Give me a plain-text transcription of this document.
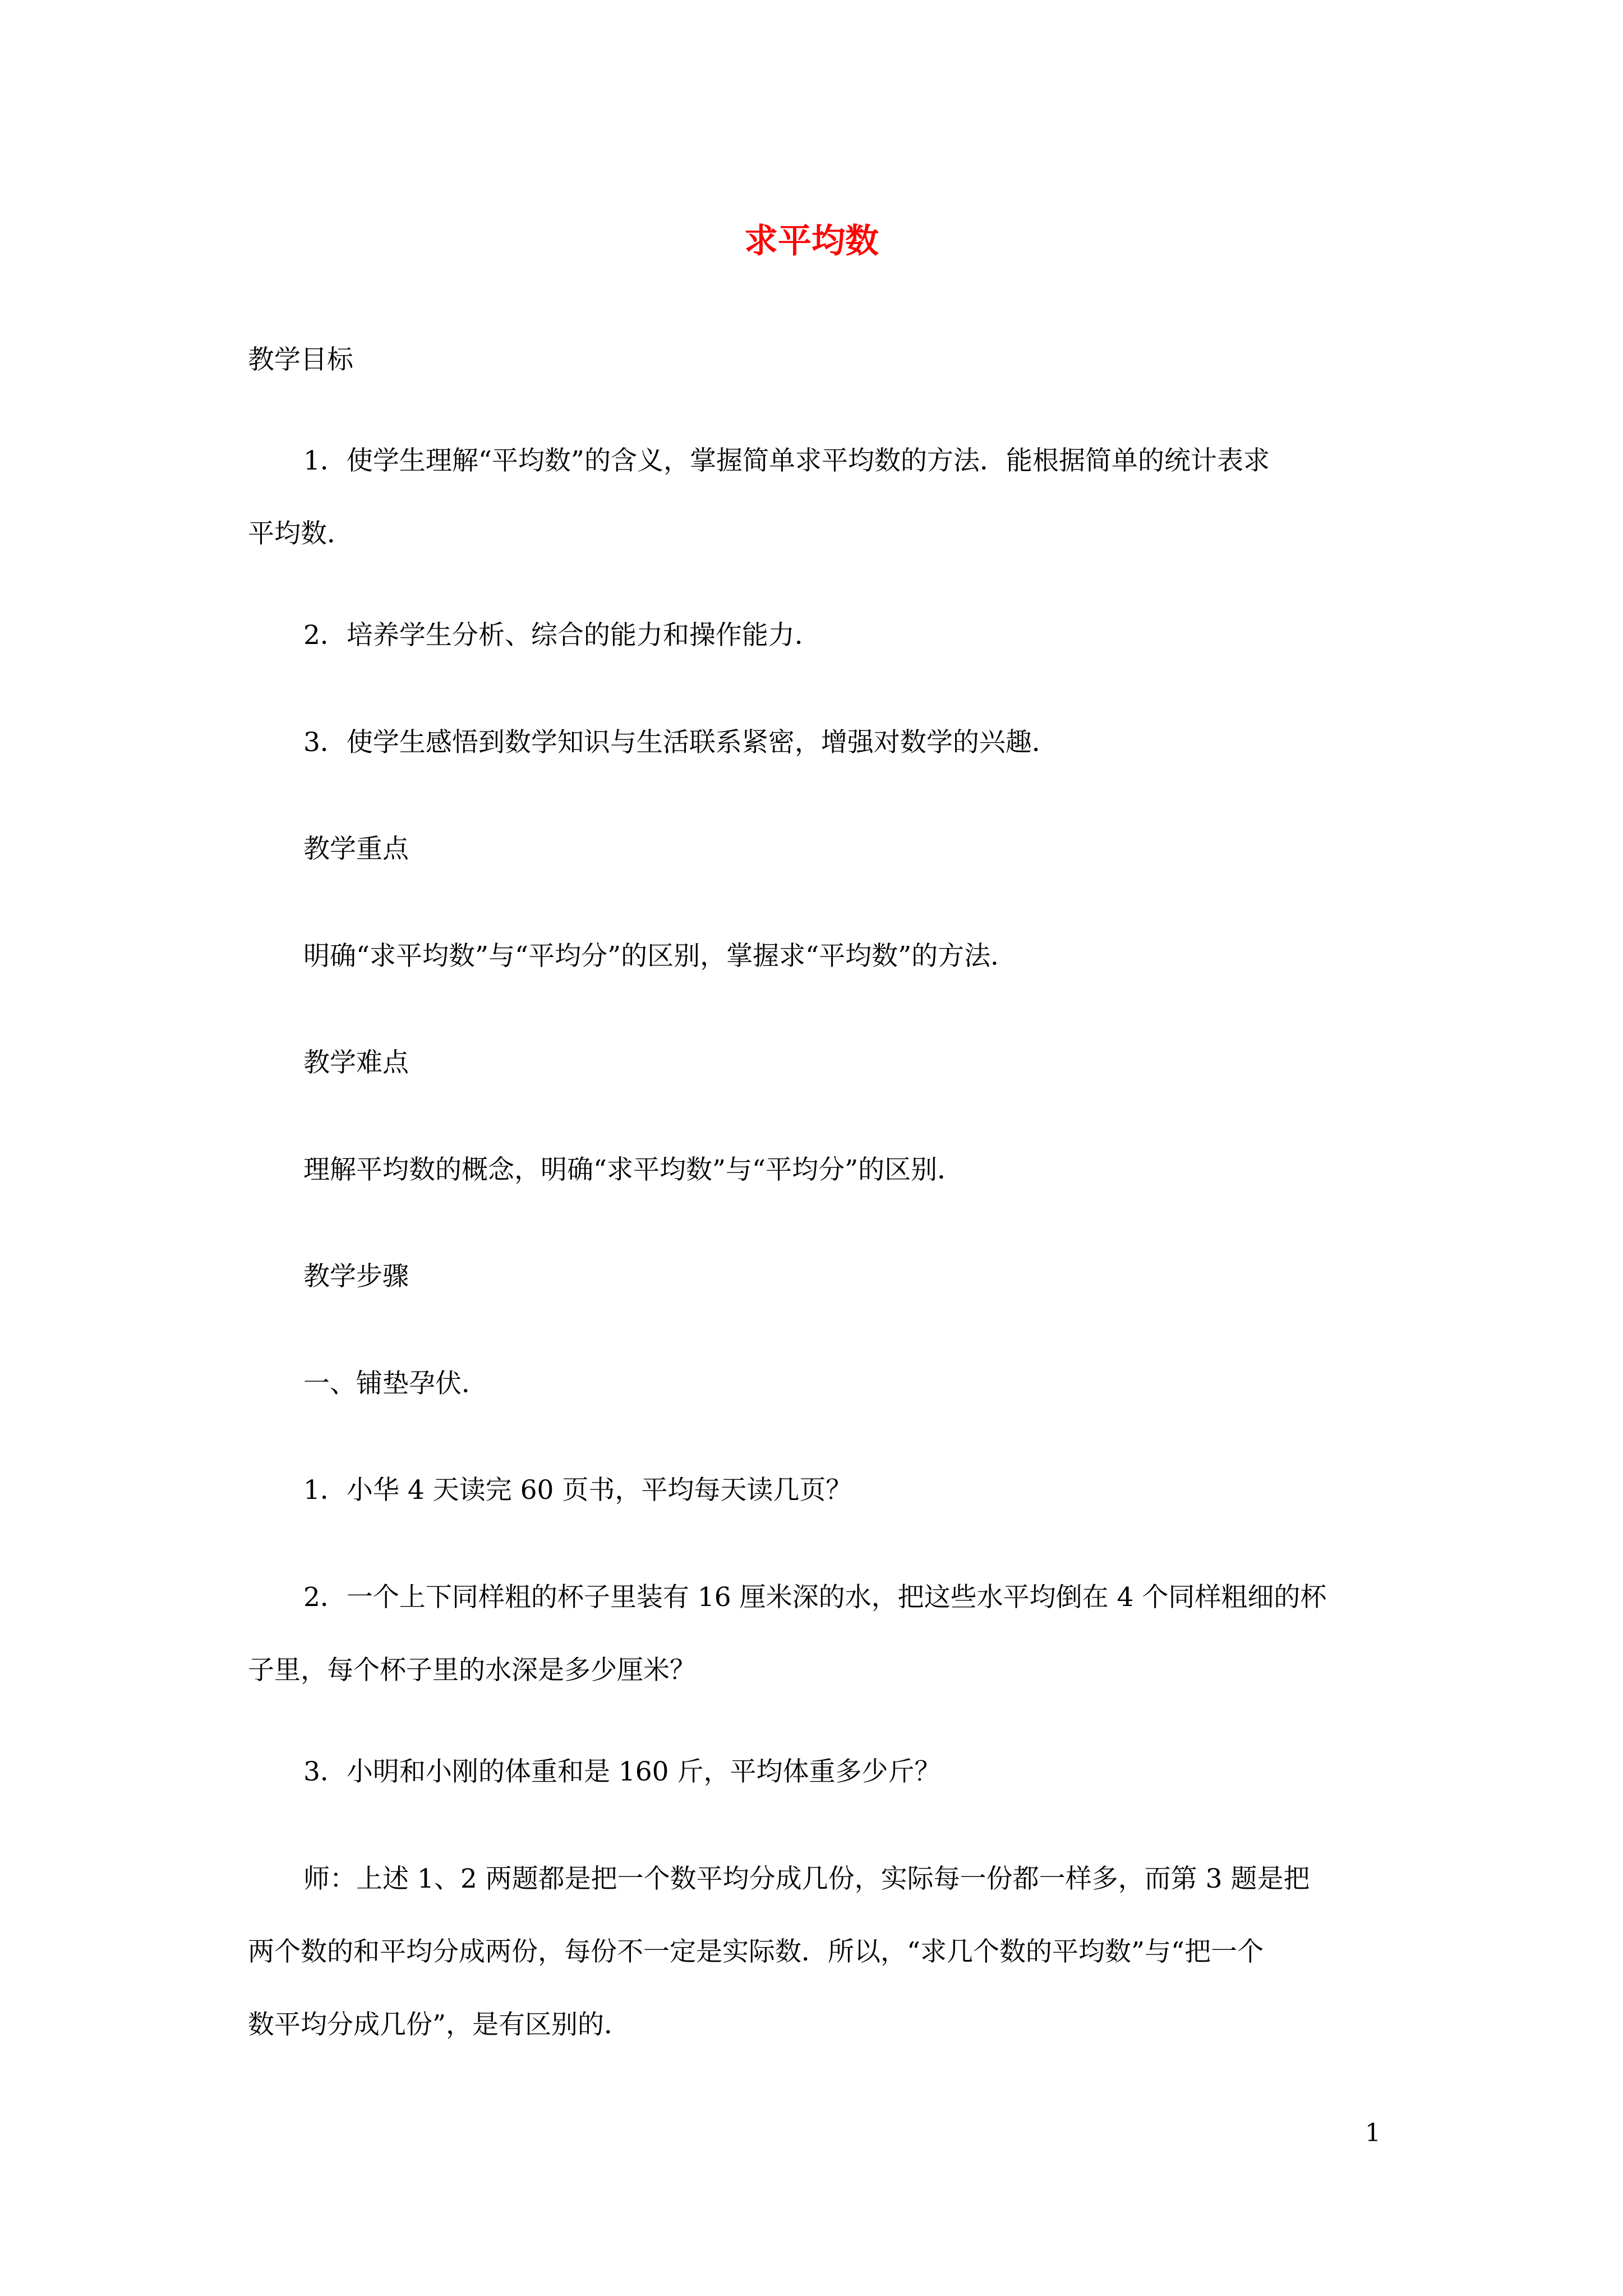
求平均数
教学目标
1．使学生理解“平均数”的含义，掌握简单求平均数的方法．能根据简单的统计表求
平均数．
2．培养学生分析、综合的能力和操作能力．
3．使学生感悟到数学知识与生活联系紧密，增强对数学的兴趣．
教学重点
明确“求平均数”与“平均分”的区别，掌握求“平均数”的方法．
教学难点
理解平均数的概念，明确“求平均数”与“平均分”的区别．
教学步骤
一、铺垫孕伏．
1．小华 4 天读完 60 页书，平均每天读几页？
2．一个上下同样粗的杯子里装有 16 厘米深的水，把这些水平均倒在 4 个同样粗细的杯
子里，每个杯子里的水深是多少厘米？
3．小明和小刚的体重和是 160 斤，平均体重多少斤？
师：上述 1、2 两题都是把一个数平均分成几份，实际每一份都一样多，而第 3 题是把
两个数的和平均分成两份，每份不一定是实际数．所以，“求几个数的平均数”与“把一个
数平均分成几份”，是有区别的．
1
